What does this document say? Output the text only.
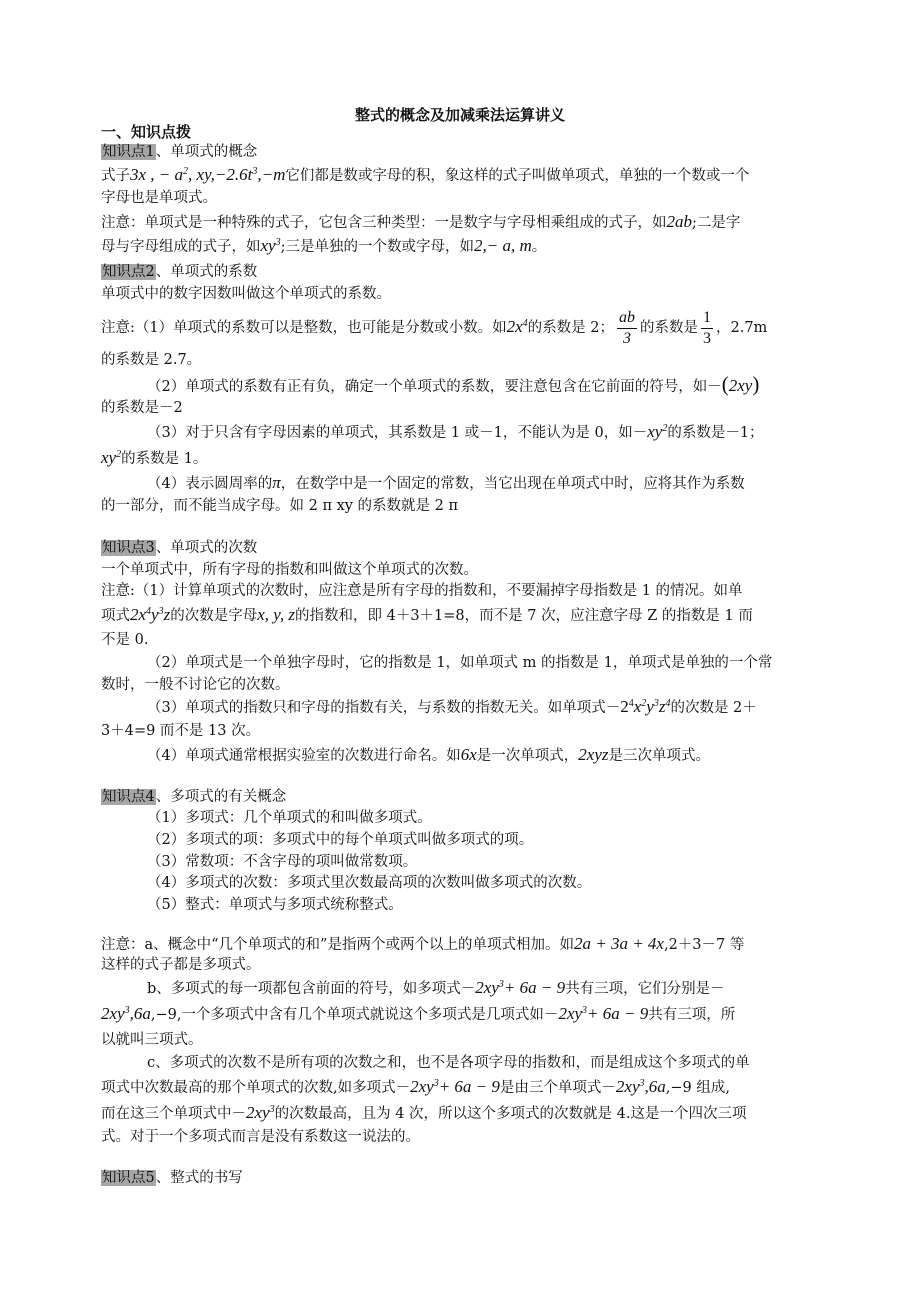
整式的概念及加减乘法运算讲义
一、知识点拨
知识点1、单项式的概念
式子3x , − $a^2$, $xy,-2.6t^3,-m$它们都是数或字母的积，象这样的式子叫做单项式，单独的一个数或一个
字母也是单项式。
注意：单项式是一种特殊的式子，它包含三种类型：一是数字与字母相乘组成的式子，如2ab;二是字
母与字母组成的式子，如$xy^3$;三是单独的一个数或字母，如2,− a, m。
知识点2、单项式的系数
单项式中的数字因数叫做这个单项式的系数。
注意:（1）单项式的系数可以是整数，也可能是分数或小数。如$2x^4$的系数是 2； $\frac{ab}{3}$ 的系数是 $\frac{1}{3}$ ，2.7m
的系数是 2.7。
（2）单项式的系数有正有负，确定一个单项式的系数，要注意包含在它前面的符号，如－(2xy)
的系数是－2
（3）对于只含有字母因素的单项式，其系数是 1 或－1，不能认为是 0，如$-xy^2$的系数是－1；
$xy^2$的系数是 1。
（4）表示圆周率的π，在数学中是一个固定的常数，当它出现在单项式中时，应将其作为系数
的一部分，而不能当成字母。如 2 π xy 的系数就是 2 π
知识点3、单项式的次数
一个单项式中，所有字母的指数和叫做这个单项式的次数。
注意:（1）计算单项式的次数时，应注意是所有字母的指数和，不要漏掉字母指数是 1 的情况。如单
项式$2x^4y^3z$的次数是字母x, y, z的指数和，即 4＋3＋1=8，而不是 7 次，应注意字母 Z 的指数是 1 而
不是 0.
（2）单项式是一个单独字母时，它的指数是 1，如单项式 m 的指数是 1，单项式是单独的一个常
数时，一般不讨论它的次数。
（3）单项式的指数只和字母的指数有关，与系数的指数无关。如单项式$-2^4x^2y^3z^4$的次数是 2＋
3＋4=9 而不是 13 次。
（4）单项式通常根据实验室的次数进行命名。如6x是一次单项式，2xyz是三次单项式。
知识点4、多项式的有关概念
（1）多项式：几个单项式的和叫做多项式。
（2）多项式的项：多项式中的每个单项式叫做多项式的项。
（3）常数项：不含字母的项叫做常数项。
（4）多项式的次数：多项式里次数最高项的次数叫做多项式的次数。
（5）整式：单项式与多项式统称整式。
注意：a、概念中“几个单项式的和”是指两个或两个以上的单项式相加。如2a + 3a + 4x,2＋3－7 等
这样的式子都是多项式。
b、多项式的每一项都包含前面的符号，如多项式$-2xy^3+ 6a - 9$共有三项，它们分别是－
$2xy^3,6a,-9$,一个多项式中含有几个单项式就说这个多项式是几项式如$-2xy^3+ 6a - 9$共有三项，所
以就叫三项式。
c、多项式的次数不是所有项的次数之和，也不是各项字母的指数和，而是组成这个多项式的单
项式中次数最高的那个单项式的次数,如多项式$-2xy^3+ 6a - 9$是由三个单项式$-2xy^3,6a,-9$ 组成,
而在这三个单项式中$-2xy^3$的次数最高，且为 4 次，所以这个多项式的次数就是 4.这是一个四次三项
式。对于一个多项式而言是没有系数这一说法的。
知识点5、整式的书写
